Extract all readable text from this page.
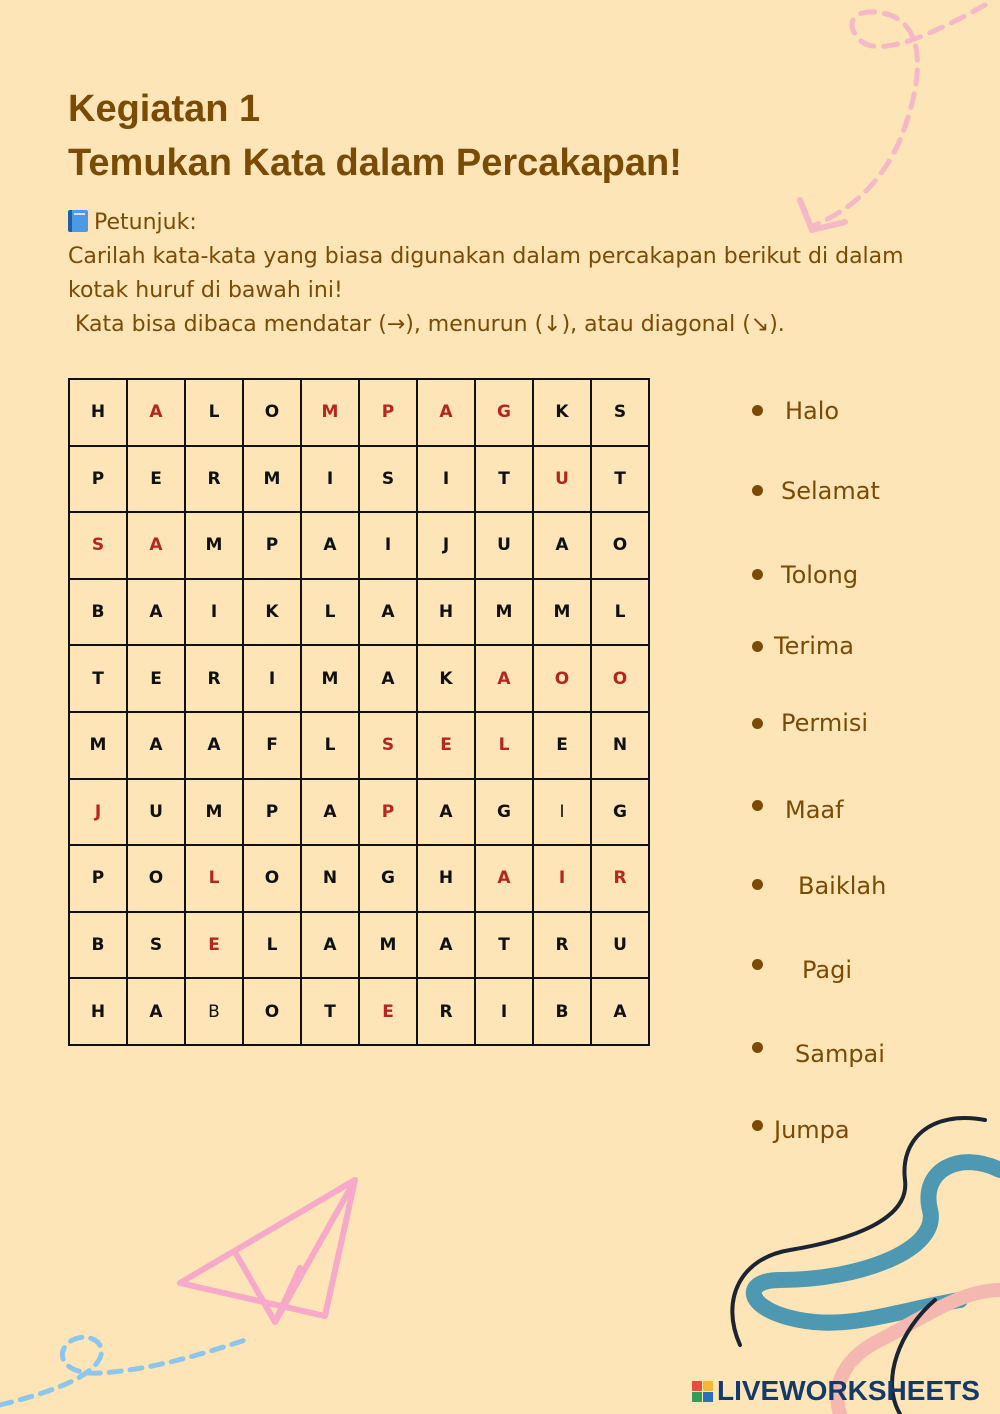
Kegiatan 1
Temukan Kata dalam Percakapan!
Petunjuk:
Carilah kata-kata yang biasa digunakan dalam percakapan berikut di dalam
kotak huruf di bawah ini!
Kata bisa dibaca mendatar (→), menurun (↓), atau diagonal (↘).
H	A	L	O	M	P	A	G	K	S
P	E	R	M	I	S	I	T	U	T
S	A	M	P	A	I	J	U	A	O
B	A	I	K	L	A	H	M	M	L
T	E	R	I	M	A	K	A	O	O
M	A	A	F	L	S	E	L	E	N
J	U	M	P	A	P	A	G	I	G
P	O	L	O	N	G	H	A	I	R
B	S	E	L	A	M	A	T	R	U
H	A	B	O	T	E	R	I	B	A
Halo
Selamat
Tolong
Terima
Permisi
Maaf
Baiklah
Pagi
Sampai
Jumpa
LIVEWORKSHEETS
